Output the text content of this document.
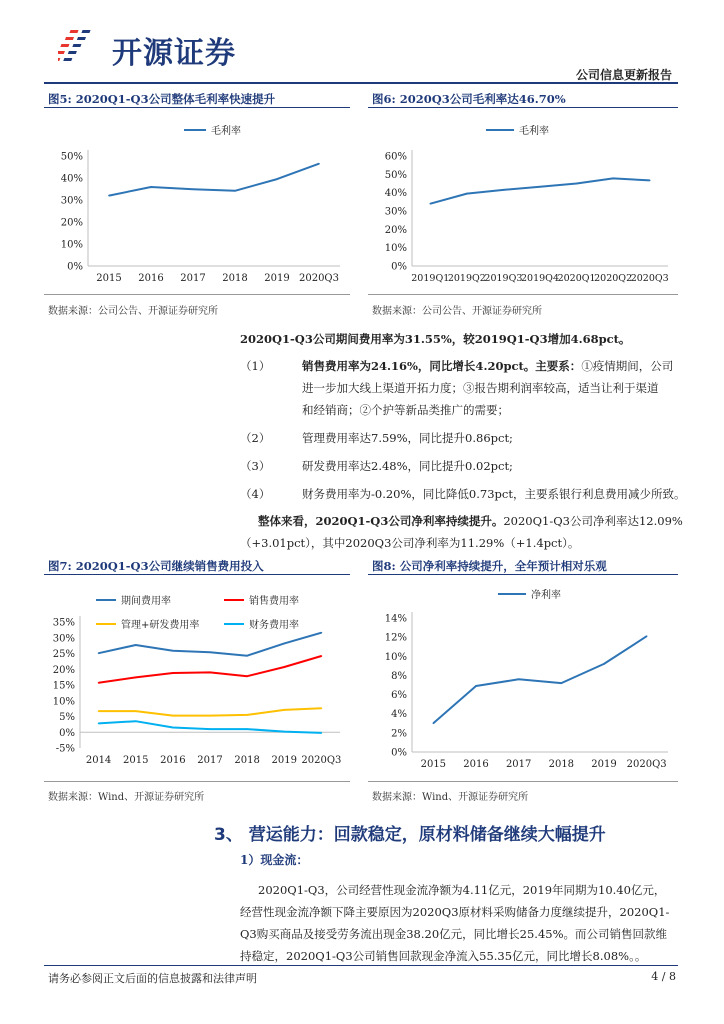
开源证券
公司信息更新报告
图5: 2020Q1-Q3公司整体毛利率快速提升
0%
10%
20%
30%
40%
50%
2015 2016 2017 2018 2019 2020Q3
毛利率
数据来源：公司公告、开源证券研究所
图6: 2020Q3公司毛利率达46.70%
0%
10%
20%
30%
40%
50%
60%
2019Q1
2019Q2
2019Q3
2019Q4
2020Q1
2020Q2
2020Q3
毛利率
数据来源：公司公告、开源证券研究所
2020Q1-Q3公司期间费用率为31.55%，较2019Q1-Q3增加4.68pct。
（1）	销售费用率为24.16%，同比增长4.20pct。主要系：①疫情期间，公司
进一步加大线上渠道开拓力度；③报告期利润率较高，适当让利于渠道
和经销商；②个护等新品类推广的需要；
（2）	管理费用率达7.59%，同比提升0.86pct;
（3）	研发费用率达2.48%，同比提升0.02pct;
（4）	财务费用率为-0.20%，同比降低0.73pct，主要系银行利息费用减少所致。
整体来看，2020Q1-Q3公司净利率持续提升。2020Q1-Q3公司净利率达12.09%
（+3.01pct），其中2020Q3公司净利率为11.29%（+1.4pct）。
图7: 2020Q1-Q3公司继续销售费用投入
-5%
0%
5%
10%
15%
20%
25%
30%
35%
2014 2015 2016 2017 2018 2019 2020Q3
期间费用率	销售费用率
管理+研发费用率	财务费用率
数据来源：Wind、开源证券研究所
图8: 公司净利率持续提升，全年预计相对乐观
0%
2%
4%
6%
8%
10%
12%
14%
2015 2016 2017 2018 2019 2020Q3
净利率
数据来源：Wind、开源证券研究所
3、 营运能力：回款稳定，原材料储备继续大幅提升
1）现金流：
2020Q1-Q3，公司经营性现金流净额为4.11亿元，2019年同期为10.40亿元，
经营性现金流净额下降主要原因为2020Q3原材料采购储备力度继续提升，2020Q1-
Q3购买商品及接受劳务流出现金38.20亿元，同比增长25.45%。而公司销售回款维
持稳定，2020Q1-Q3公司销售回款现金净流入55.35亿元，同比增长8.08%。。
请务必参阅正文后面的信息披露和法律声明	4 / 8
